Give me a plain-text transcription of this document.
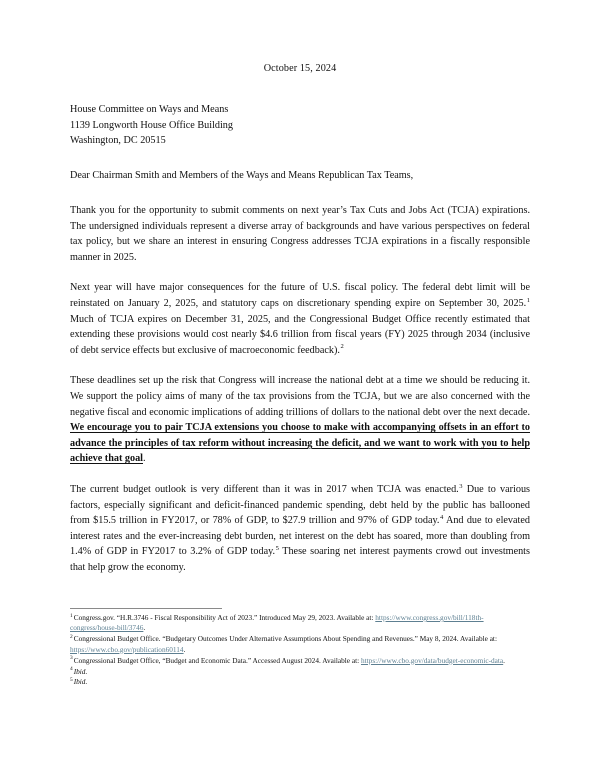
October 15, 2024
House Committee on Ways and Means
1139 Longworth House Office Building
Washington, DC 20515
Dear Chairman Smith and Members of the Ways and Means Republican Tax Teams,

Thank you for the opportunity to submit comments on next year’s Tax Cuts and Jobs Act (TCJA) expirations. The undersigned individuals represent a diverse array of backgrounds and have various perspectives on federal tax policy, but we share an interest in ensuring Congress addresses TCJA expirations in a fiscally responsible manner in 2025.

Next year will have major consequences for the future of U.S. fiscal policy. The federal debt limit will be reinstated on January 2, 2025, and statutory caps on discretionary spending expire on September 30, 2025.$^1$ Much of TCJA expires on December 31, 2025, and the Congressional Budget Office recently estimated that extending these provisions would cost nearly $4.6 trillion from fiscal years (FY) 2025 through 2034 (inclusive of debt service effects but exclusive of macroeconomic feedback).$^2$

These deadlines set up the risk that Congress will increase the national debt at a time we should be reducing it. We support the policy aims of many of the tax provisions from the TCJA, but we are also concerned with the negative fiscal and economic implications of adding trillions of dollars to the national debt over the next decade. We encourage you to pair TCJA extensions you choose to make with accompanying offsets in an effort to advance the principles of tax reform without increasing the deficit, and we want to work with you to help achieve that goal.

The current budget outlook is very different than it was in 2017 when TCJA was enacted.$^3$ Due to various factors, especially significant and deficit-financed pandemic spending, debt held by the public has ballooned from $15.5 trillion in FY2017, or 78% of GDP, to $27.9 trillion and 97% of GDP today.$^4$ And due to elevated interest rates and the ever-increasing debt burden, net interest on the debt has soared, more than doubling from 1.4% of GDP in FY2017 to 3.2% of GDP today.$^5$ These soaring net interest payments crowd out investments that help grow the economy.

$^1$Congress.gov. “H.R.3746 - Fiscal Responsibility Act of 2023.” Introduced May 29, 2023. Available at: https://www.congress.gov/bill/118th-congress/house-bill/3746.

$^2$Congressional Budget Office. “Budgetary Outcomes Under Alternative Assumptions About Spending and Revenues.” May 8, 2024. Available at: https://www.cbo.gov/publication60114.

$^3$Congressional Budget Office, “Budget and Economic Data.” Accessed August 2024. Available at: https://www.cbo.gov/data/budget-economic-data.

$^4$Ibid.

$^5$Ibid.
